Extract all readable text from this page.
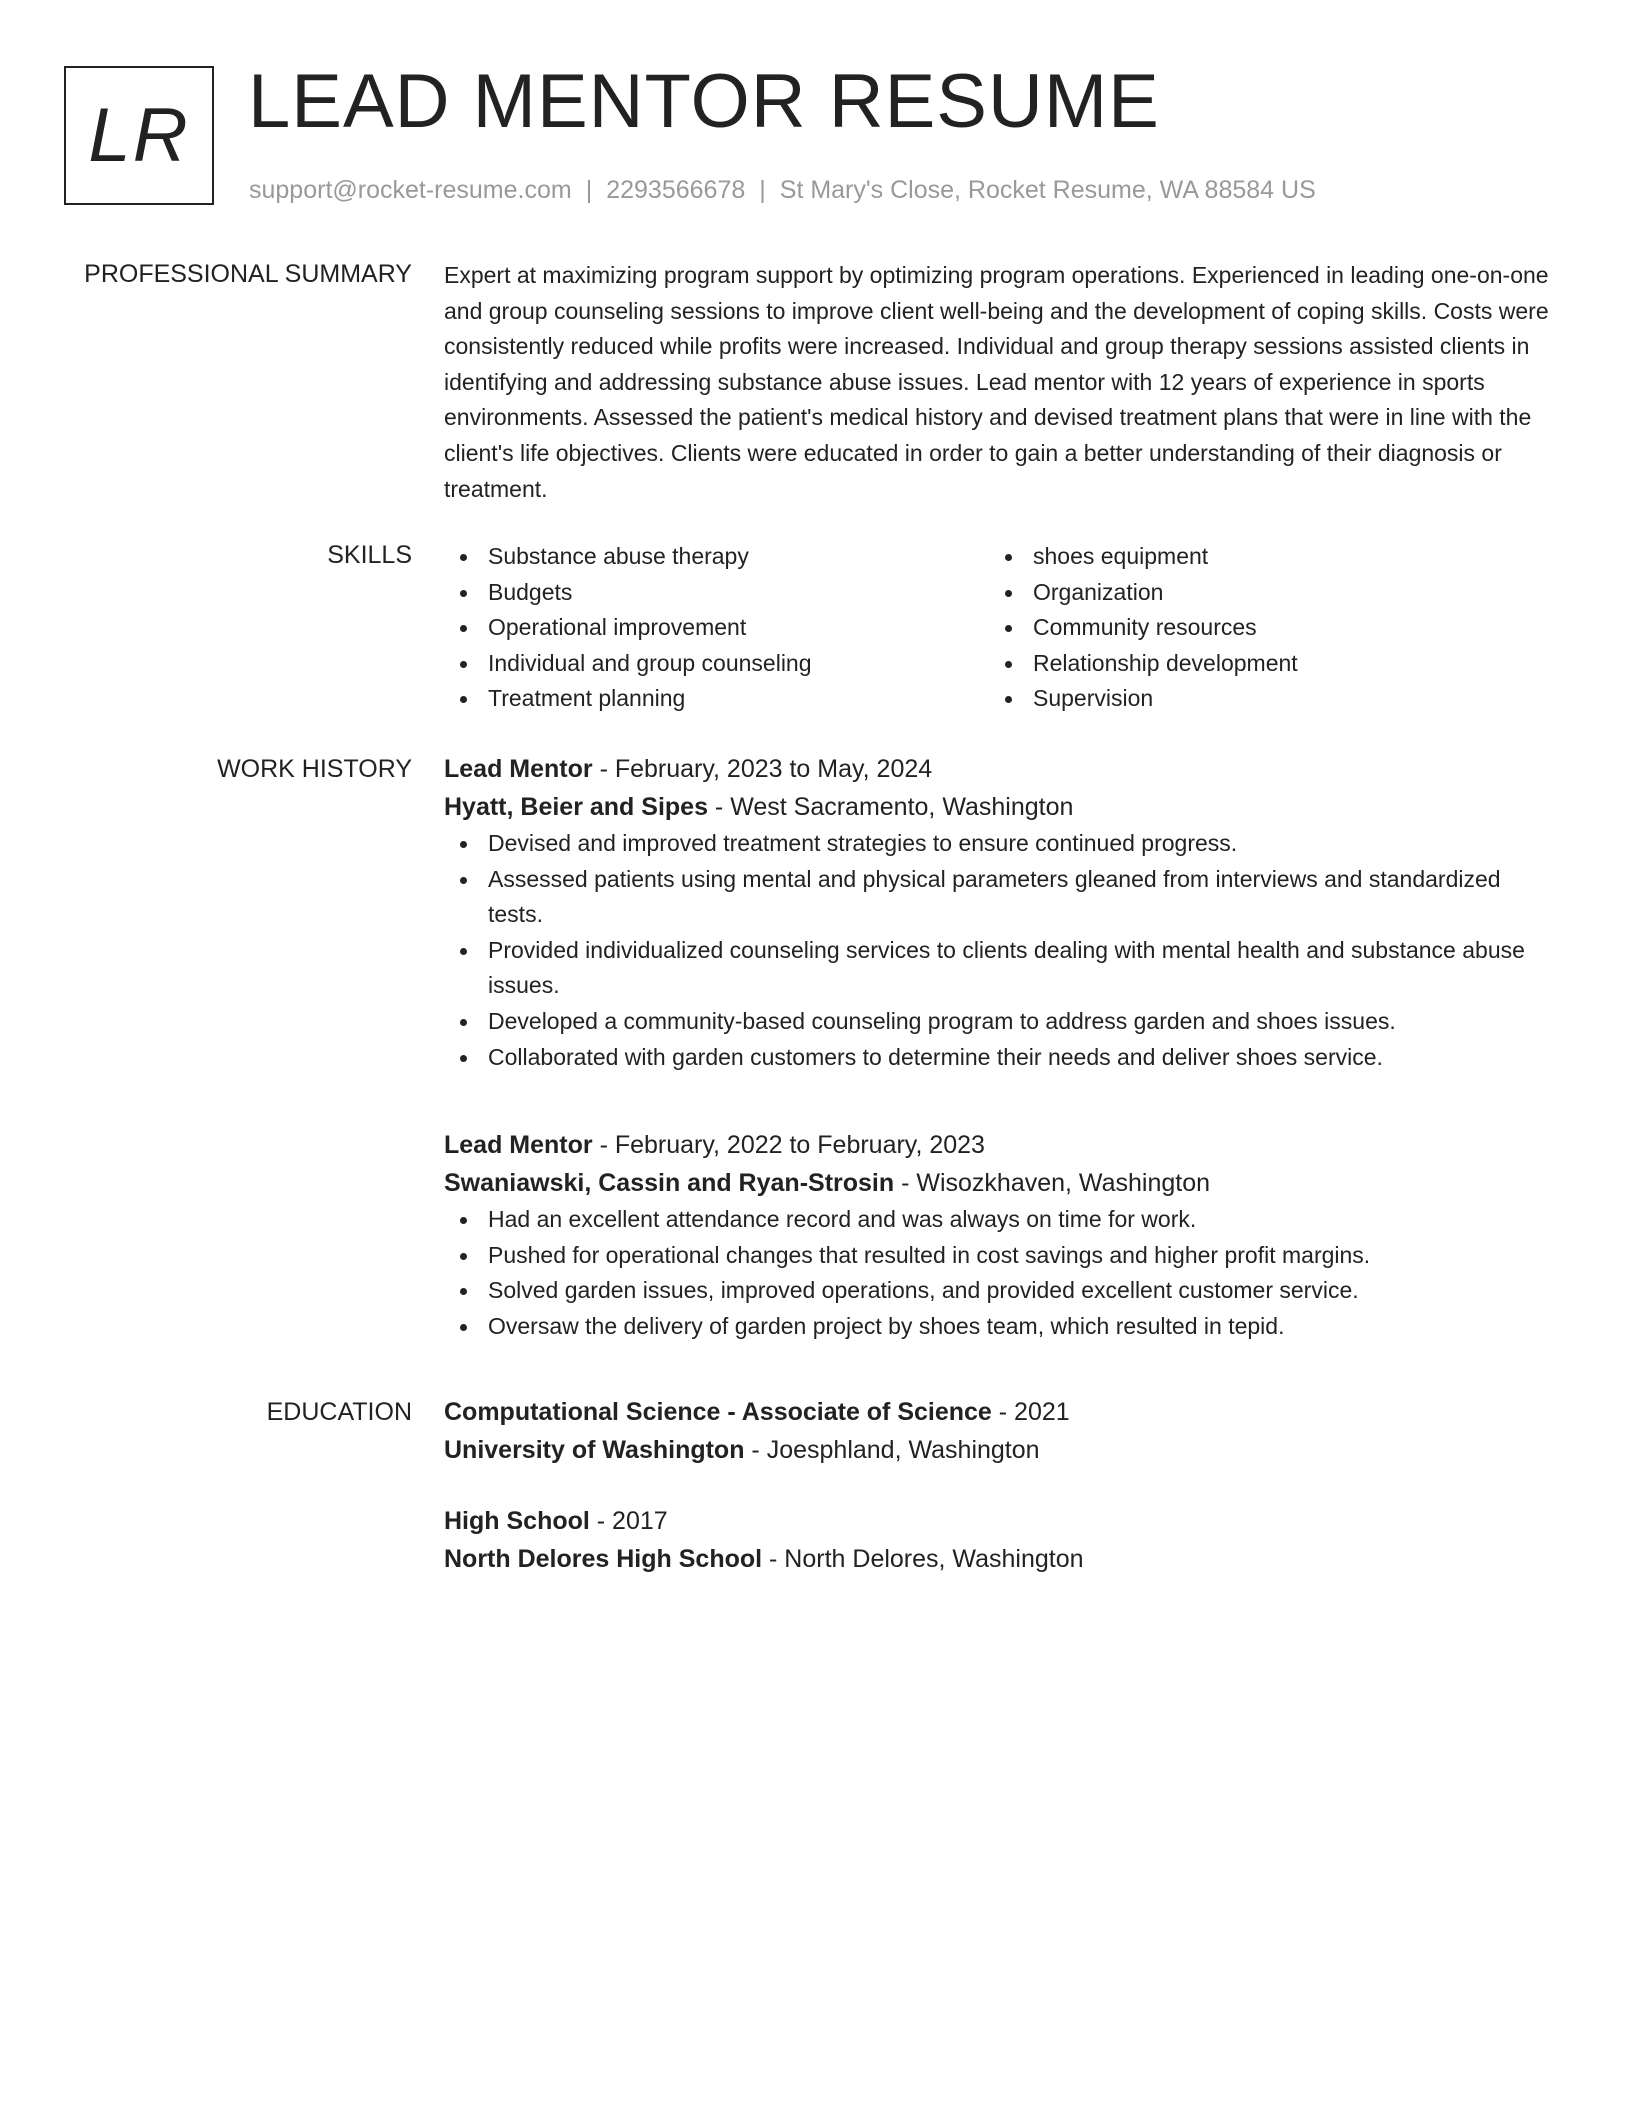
LR LEAD MENTOR RESUME
support@rocket-resume.com | 2293566678 | St Mary's Close, Rocket Resume, WA 88584 US
PROFESSIONAL SUMMARY Expert at maximizing program support by optimizing program operations. Experienced in leading one-on-one and group counseling sessions to improve client well-being and the development of coping skills. Costs were consistently reduced while profits were increased. Individual and group therapy sessions assisted clients in identifying and addressing substance abuse issues. Lead mentor with 12 years of experience in sports environments. Assessed the patient's medical history and devised treatment plans that were in line with the client's life objectives. Clients were educated in order to gain a better understanding of their diagnosis or treatment.

SKILLS	Substance abuse therapy
Budgets
Operational improvement
Individual and group counseling
Treatment planning
shoes equipment
Organization
Community resources
Relationship development
Supervision
WORK HISTORY Lead Mentor - February, 2023 to May, 2024
Hyatt, Beier and Sipes - West Sacramento, Washington
Devised and improved treatment strategies to ensure continued progress.
Assessed patients using mental and physical parameters gleaned from interviews and standardized tests.
Provided individualized counseling services to clients dealing with mental health and substance abuse issues.
Developed a community-based counseling program to address garden and shoes issues.
Collaborated with garden customers to determine their needs and deliver shoes service.
Lead Mentor - February, 2022 to February, 2023
Swaniawski, Cassin and Ryan-Strosin - Wisozkhaven, Washington
Had an excellent attendance record and was always on time for work.
Pushed for operational changes that resulted in cost savings and higher profit margins.
Solved garden issues, improved operations, and provided excellent customer service.
Oversaw the delivery of garden project by shoes team, which resulted in tepid.
EDUCATION Computational Science - Associate of Science - 2021
University of Washington - Joesphland, Washington
High School - 2017
North Delores High School - North Delores, Washington
